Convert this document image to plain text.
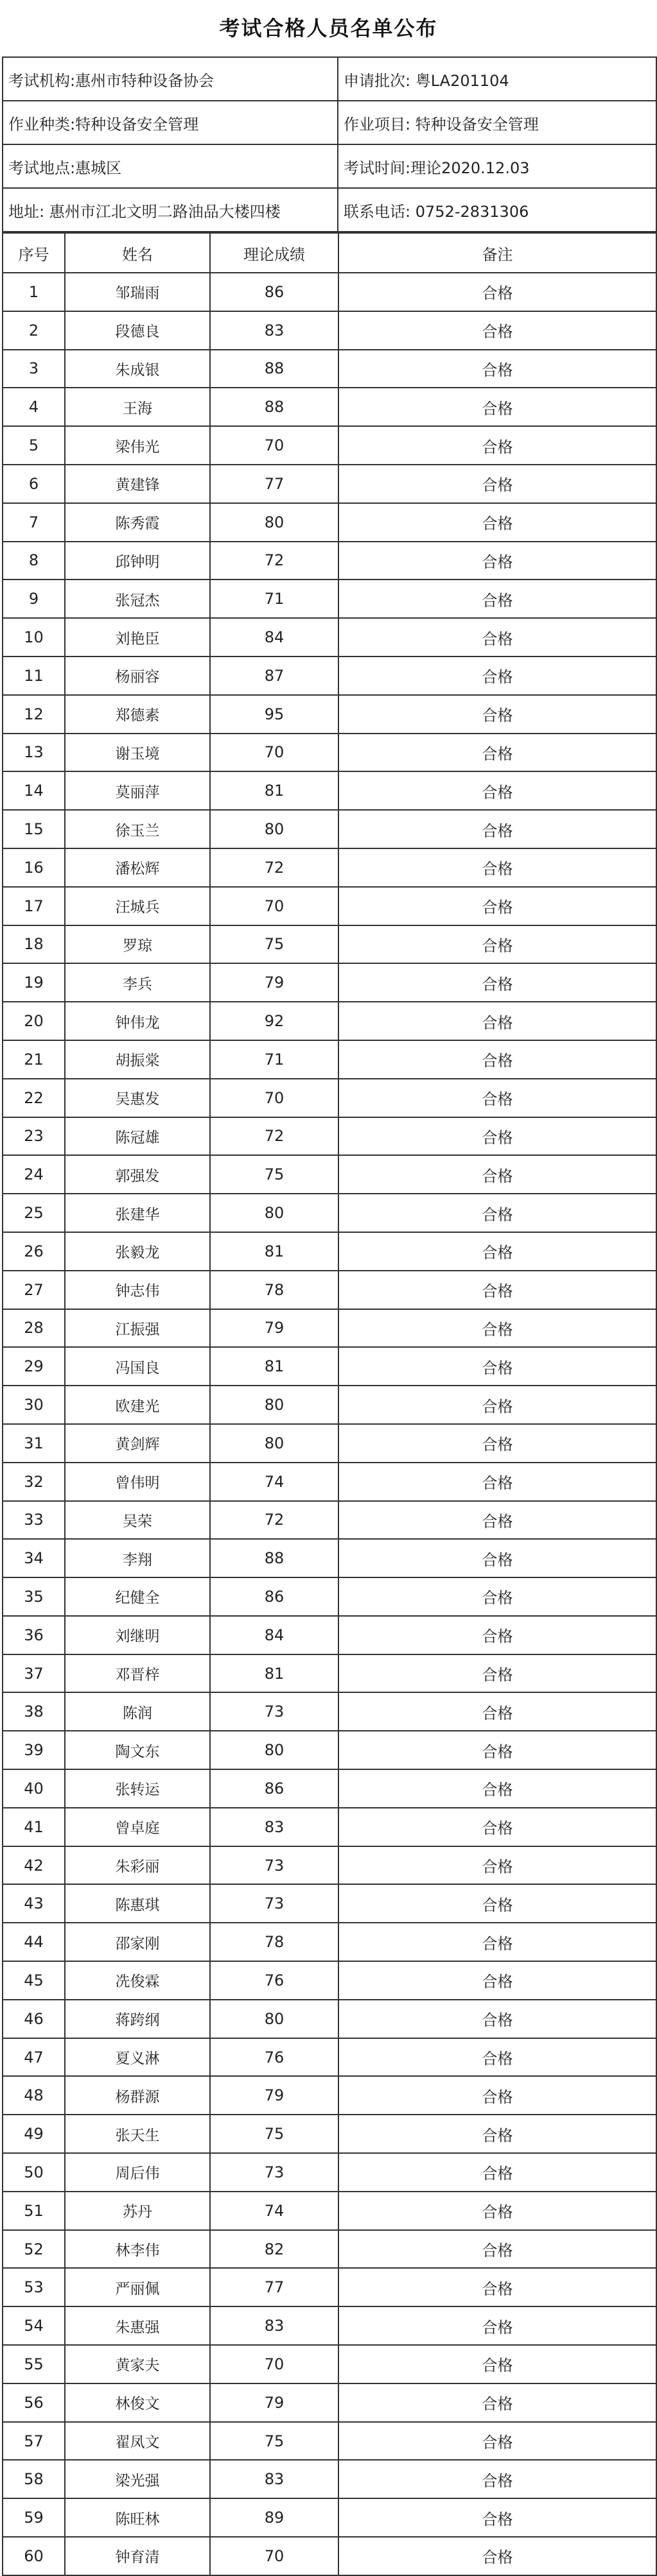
考试合格人员名单公布
考试机构:惠州市特种设备协会	申请批次: 粤LA201104
作业种类:特种设备安全管理	作业项目: 特种设备安全管理
考试地点:惠城区	考试时间:理论2020.12.03
地址: 惠州市江北文明二路油品大楼四楼	联系电话: 0752-2831306
序号	姓名	理论成绩	备注
1	邹瑞雨	86	合格
2	段德良	83	合格
3	朱成银	88	合格
4	王海	88	合格
5	梁伟光	70	合格
6	黄建锋	77	合格
7	陈秀霞	80	合格
8	邱钟明	72	合格
9	张冠杰	71	合格
10	刘艳臣	84	合格
11	杨丽容	87	合格
12	郑德素	95	合格
13	谢玉境	70	合格
14	莫丽萍	81	合格
15	徐玉兰	80	合格
16	潘松辉	72	合格
17	汪城兵	70	合格
18	罗琼	75	合格
19	李兵	79	合格
20	钟伟龙	92	合格
21	胡振棠	71	合格
22	吴惠发	70	合格
23	陈冠雄	72	合格
24	郭强发	75	合格
25	张建华	80	合格
26	张毅龙	81	合格
27	钟志伟	78	合格
28	江振强	79	合格
29	冯国良	81	合格
30	欧建光	80	合格
31	黄剑辉	80	合格
32	曾伟明	74	合格
33	吴荣	72	合格
34	李翔	88	合格
35	纪健全	86	合格
36	刘继明	84	合格
37	邓晋梓	81	合格
38	陈润	73	合格
39	陶文东	80	合格
40	张转运	86	合格
41	曾卓庭	83	合格
42	朱彩丽	73	合格
43	陈惠琪	73	合格
44	邵家刚	78	合格
45	冼俊霖	76	合格
46	蒋跨纲	80	合格
47	夏义淋	76	合格
48	杨群源	79	合格
49	张天生	75	合格
50	周后伟	73	合格
51	苏丹	74	合格
52	林李伟	82	合格
53	严丽佩	77	合格
54	朱惠强	83	合格
55	黄家夫	70	合格
56	林俊文	79	合格
57	翟凤文	75	合格
58	梁光强	83	合格
59	陈旺林	89	合格
60	钟育清	70	合格
